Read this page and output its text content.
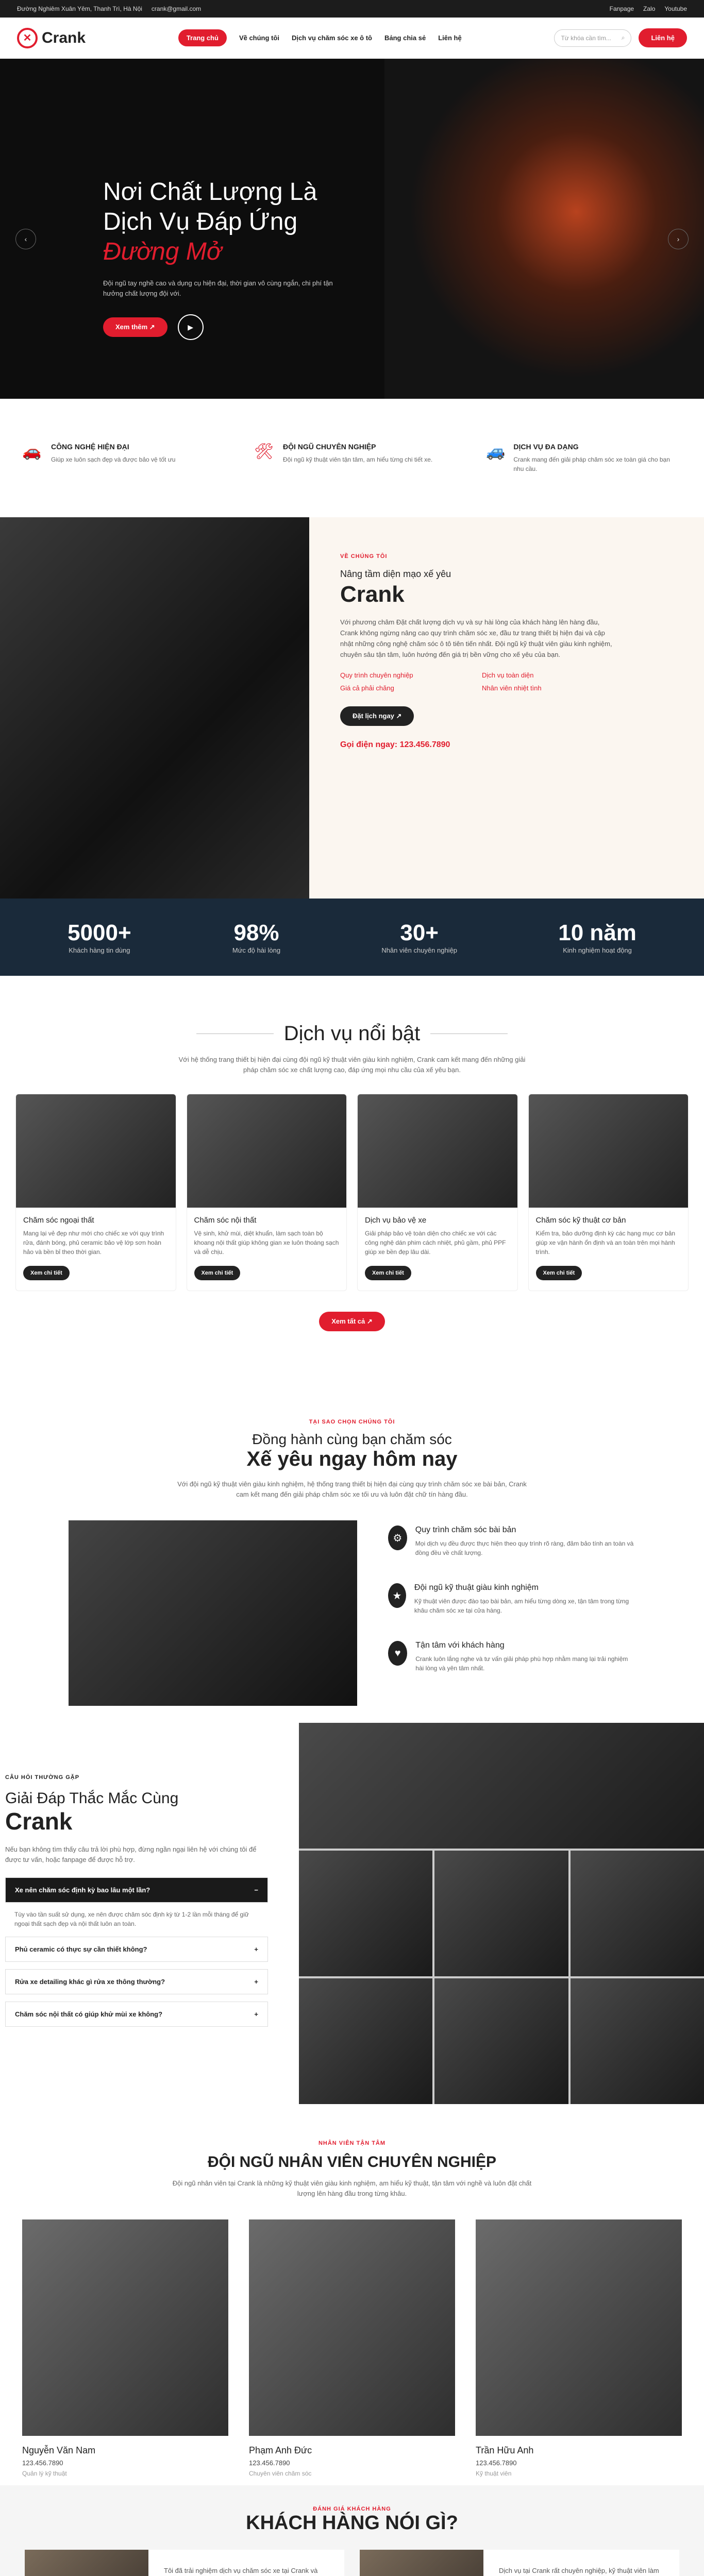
Đường Nghiêm Xuân Yêm, Thanh Trì, Hà Nội crank@gmail.com	Fanpage Zalo Youtube
✕ Crank	Trang chủ	Về chúng tôi Dịch vụ chăm sóc xe ô tô Bảng chia sẻ Liên hệ	Từ khóa cần tìm... ⌕	Liên hệ
‹	›
Nơi Chất Lượng Là
Dịch Vụ Đáp Ứng
Đường Mở

Đội ngũ tay nghề cao và dụng cụ hiện đại, thời gian vô cùng ngắn, chi phí tận hưởng chất lượng đội với.

Xem thêm ↗	▶
🚗 CÔNG NGHỆ HIỆN ĐẠI

Giúp xe luôn sạch đẹp và được bảo vệ tốt ưu	🛠 ĐỘI NGŨ CHUYÊN NGHIỆP

Đội ngũ kỹ thuật viên tận tâm, am hiểu từng chi tiết xe.	🚙 DỊCH VỤ ĐA DẠNG

Crank mang đến giải pháp chăm sóc xe toàn giá cho bạn nhu cầu.

VỀ CHÚNG TÔI
Nâng tầm diện mạo xế yêu
Crank

Với phương châm Đặt chất lượng dịch vụ và sự hài lòng của khách hàng lên hàng đầu, Crank không ngừng nâng cao quy trình chăm sóc xe, đầu tư trang thiết bị hiện đại và cập nhật những công nghệ chăm sóc ô tô tiên tiến nhất. Đội ngũ kỹ thuật viên giàu kinh nghiệm, chuyên sâu tận tâm, luôn hướng đến giá trị bền vững cho xế yêu của bạn.

Quy trình chuyên nghiệp	Dịch vụ toàn diện
Giá cả phải chăng	Nhân viên nhiệt tình
Đặt lịch ngay ↗
Gọi điện ngay: 123.456.7890
5000+
Khách hàng tin dùng
98%
Mức độ hài lòng
30+
Nhân viên chuyên nghiệp
10 năm
Kinh nghiệm hoạt động
Dịch vụ nổi bật

Với hệ thống trang thiết bị hiện đại cùng đội ngũ kỹ thuật viên giàu kinh nghiệm, Crank cam kết mang đến những giải pháp chăm sóc xe chất lượng cao, đáp ứng mọi nhu cầu của xế yêu bạn.

Chăm sóc ngoại thất

Mang lại vẻ đẹp như mới cho chiếc xe với quy trình rửa, đánh bóng, phủ ceramic bảo vệ lớp sơn hoàn hảo và bền bỉ theo thời gian.

Xem chi tiết
Chăm sóc nội thất

Vệ sinh, khử mùi, diệt khuẩn, làm sạch toàn bộ khoang nội thất giúp không gian xe luôn thoáng sạch và dễ chịu.

Xem chi tiết
Dịch vụ bảo vệ xe

Giải pháp bảo vệ toàn diện cho chiếc xe với các công nghệ dán phim cách nhiệt, phủ gầm, phủ PPF giúp xe bền đẹp lâu dài.

Xem chi tiết
Chăm sóc kỹ thuật cơ bản

Kiểm tra, bảo dưỡng định kỳ các hạng mục cơ bản giúp xe vận hành ổn định và an toàn trên mọi hành trình.

Xem chi tiết
Xem tất cả ↗
TẠI SAO CHỌN CHÚNG TÔI
Đồng hành cùng bạn chăm sóc
Xế yêu ngay hôm nay

Với đội ngũ kỹ thuật viên giàu kinh nghiệm, hệ thống trang thiết bị hiện đại cùng quy trình chăm sóc xe bài bản, Crank cam kết mang đến giải pháp chăm sóc xe tối ưu và luôn đặt chữ tín hàng đầu.

⚙
Quy trình chăm sóc bài bản

Mọi dịch vụ đều được thực hiện theo quy trình rõ ràng, đảm bảo tính an toàn và đồng đều về chất lượng.

★
Đội ngũ kỹ thuật giàu kinh nghiệm

Kỹ thuật viên được đào tạo bài bản, am hiểu từng dòng xe, tận tâm trong từng khâu chăm sóc xe tại cửa hàng.

♥
Tận tâm với khách hàng

Crank luôn lắng nghe và tư vấn giải pháp phù hợp nhằm mang lại trải nghiệm hài lòng và yên tâm nhất.

CÂU HỎI THƯỜNG GẶP
Giải Đáp Thắc Mắc Cùng
Crank

Nếu bạn không tìm thấy câu trả lời phù hợp, đừng ngần ngại liên hệ với chúng tôi để được tư vấn, hoặc fanpage để được hỗ trợ.

Xe nên chăm sóc định kỳ bao lâu một lần?	−

Tùy vào tần suất sử dụng, xe nên được chăm sóc định kỳ từ 1-2 lần mỗi tháng để giữ ngoại thất sạch đẹp và nội thất luôn an toàn.

Phủ ceramic có thực sự cần thiết không?	+
Rửa xe detailing khác gì rửa xe thông thường?	+
Chăm sóc nội thất có giúp khử mùi xe không?	+
NHÂN VIÊN TẬN TÂM
ĐỘI NGŨ NHÂN VIÊN CHUYÊN NGHIỆP

Đội ngũ nhân viên tại Crank là những kỹ thuật viên giàu kinh nghiệm, am hiểu kỹ thuật, tận tâm với nghề và luôn đặt chất lượng lên hàng đầu trong từng khâu.

Nguyễn Văn Nam
123.456.7890
Quản lý kỹ thuật
Phạm Anh Đức
123.456.7890
Chuyên viên chăm sóc
Trần Hữu Anh
123.456.7890
Kỹ thuật viên
ĐÁNH GIÁ KHÁCH HÀNG
KHÁCH HÀNG NÓI GÌ?

Tôi đã trải nghiệm dịch vụ chăm sóc xe tại Crank và	Dịch vụ tại Crank rất chuyên nghiệp, kỹ thuật viên làm
